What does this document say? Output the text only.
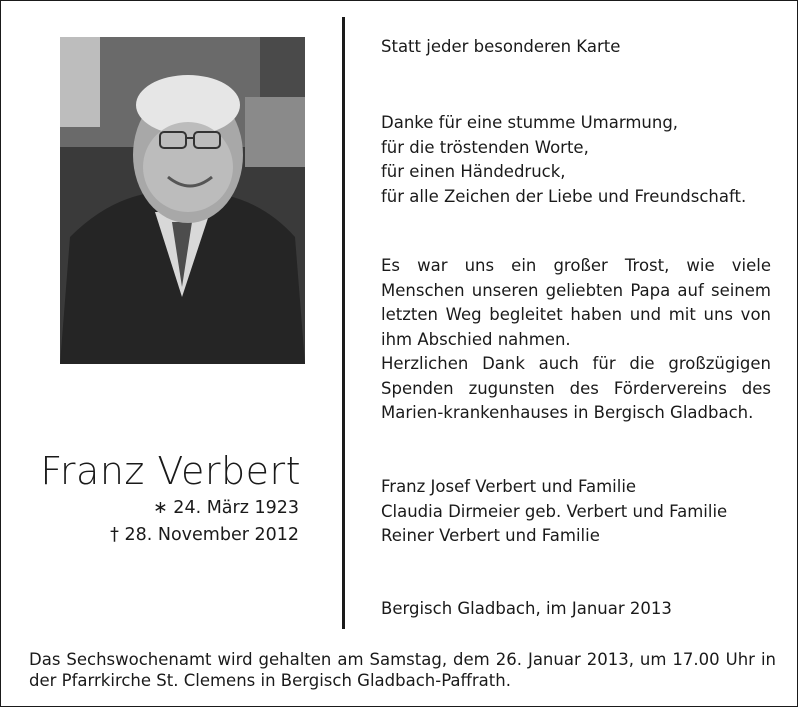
Franz Verbert
∗ 24. März 1923
† 28. November 2012
Statt jeder besonderen Karte
Danke für eine stumme Umarmung,
für die tröstenden Worte,
für einen Händedruck,
für alle Zeichen der Liebe und Freundschaft.

Es war uns ein großer Trost, wie viele Menschen unseren geliebten Papa auf seinem letzten Weg begleitet haben und mit uns von ihm Abschied nahmen.

Herzlichen Dank auch für die großzügigen Spenden zugunsten des Fördervereins des Marien-krankenhauses in Bergisch Gladbach.

Franz Josef Verbert und Familie
Claudia Dirmeier geb. Verbert und Familie
Reiner Verbert und Familie
Bergisch Gladbach, im Januar 2013
Das Sechswochenamt wird gehalten am Samstag, dem 26. Januar 2013, um 17.00 Uhr in der Pfarrkirche St. Clemens in Bergisch Gladbach-Paffrath.
